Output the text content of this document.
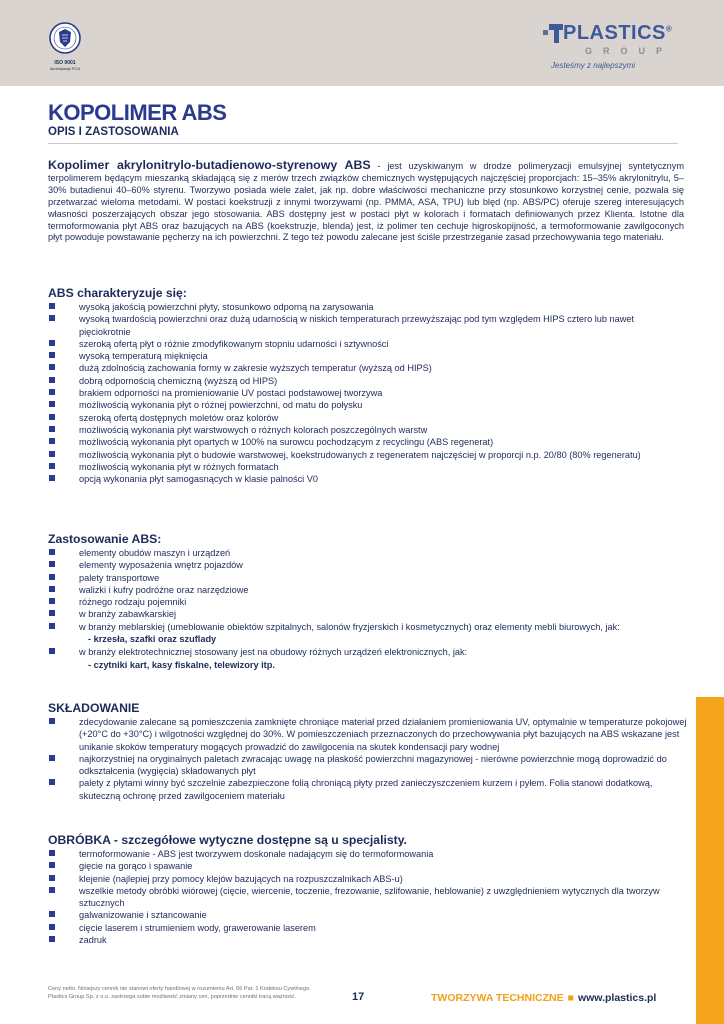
ISO 9001
Akredytacja PCA
PLASTICS®
GROUP
Jesteśmy z najlepszymi
KOPOLIMER ABS
OPIS I ZASTOSOWANIA

Kopolimer akrylonitrylo-butadienowo-styrenowy ABS - jest uzyskiwanym w drodze polimeryzacji emulsyjnej syntetycznym terpolimerem będącym mieszanką składającą się z merów trzech związków chemicznych występujących najczęściej proporcjach: 15–35% akrylonitrylu, 5–30% butadienui 40–60% styrenu. Tworzywo posiada wiele zalet, jak np. dobre właściwości mechaniczne przy stosunkowo korzystnej cenie, pozwala się przetwarzać wieloma metodami. W postaci koekstruzji z innymi tworzywami (np. PMMA, ASA, TPU) lub blęd (np. ABS/PC) oferuje szereg interesujących własności poszerzających obszar jego stosowania. ABS dostępny jest w postaci płyt w kolorach i formatach definiowanych przez Klienta. Istotne dla termoformowania płyt ABS oraz bazujących na ABS (koekstruzje, blenda) jest, iż polimer ten cechuje higroskopijność, a termoformowanie zawilgoconych płyt powoduje powstawanie pęcherzy na ich powierzchni. Z tego też powodu zalecane jest ściśle przestrzeganie zasad przechowywania tego materiału.

ABS charakteryzuje się:
wysoką jakością powierzchni płyty, stosunkowo odporną na zarysowania
wysoką twardością powierzchni oraz dużą udarnością w niskich temperaturach przewyższając pod tym względem HIPS cztero lub nawet pięciokrotnie
szeroką ofertą płyt o różnie zmodyfikowanym stopniu udarności i sztywności
wysoką temperaturą mięknięcia
dużą zdolnością zachowania formy w zakresie wyższych temperatur (wyższą od HIPS)
dobrą odpornością chemiczną (wyższą od HIPS)
brakiem odporności na promieniowanie UV postaci podstawowej tworzywa
możliwością wykonania płyt o różnej powierzchni, od matu do połysku
szeroką ofertą dostępnych moletów oraz kolorów
możliwością wykonania płyt warstwowych o różnych kolorach poszczególnych warstw
możliwością wykonania płyt opartych w 100% na surowcu pochodzącym z recyclingu (ABS regenerat)
możliwością wykonania płyt o budowie warstwowej, koekstrudowanych z regeneratem najczęściej w proporcji n.p. 20/80 (80% regeneratu)
możliwością wykonania płyt w różnych formatach
opcją wykonania płyt samogasnących w klasie palności V0
Zastosowanie ABS:
elementy obudów maszyn i urządzeń
elementy wyposażenia wnętrz pojazdów
palety transportowe
walizki i kufry podróżne oraz narzędziowe
różnego rodzaju pojemniki
w branży zabawkarskiej
w branży meblarskiej (umeblowanie obiektów szpitalnych, salonów fryzjerskich i kosmetycznych) oraz elementy mebli biurowych, jak:
- krzesła, szafki oraz szuflady
w branży elektrotechnicznej stosowany jest na obudowy różnych urządzeń elektronicznych, jak:
- czytniki kart, kasy fiskalne, telewizory itp.
SKŁADOWANIE
zdecydowanie zalecane są pomieszczenia zamknięte chroniące materiał przed działaniem promieniowania UV, optymalnie w temperaturze pokojowej (+20°C do +30°C) i wilgotności względnej do 30%. W pomieszczeniach przeznaczonych do przechowywania płyt bazujących na ABS wskazane jest unikanie skoków temperatury mogących prowadzić do zawilgocenia na skutek kondensacji pary wodnej
najkorzystniej na oryginalnych paletach zwracając uwagę na płaskość powierzchni magazynowej - nierówne powierzchnie mogą doprowadzić do odkształcenia (wygięcia) składowanych płyt
palety z płytami winny być szczelnie zabezpieczone folią chroniącą płyty przed zanieczyszczeniem kurzem i pyłem. Folia stanowi dodatkową, skuteczną ochronę przed zawilgoceniem materiału
OBRÓBKA - szczegółowe wytyczne dostępne są u specjalisty.
termoformowanie - ABS jest tworzywem doskonale nadającym się do termoformowania
gięcie na gorąco i spawanie
klejenie (najlepiej przy pomocy klejów bazujących na rozpuszczalnikach ABS-u)
wszelkie metody obróbki wiórowej (cięcie, wiercenie, toczenie, frezowanie, szlifowanie, heblowanie) z uwzględnieniem wytycznych dla tworzyw sztucznych
galwanizowanie i sztancowanie
cięcie laserem i strumieniem wody, grawerowanie laserem
zadruk
Ceny netto. Niniejszy cennik nie stanowi oferty handlowej w rozumieniu Art. 66 Par. 1 Kodeksu Cywilnego.
Plastics Group Sp. z o.o. zastrzega sobie możliwość zmiany cen, poprzednie cenniki tracą ważność.	17	TWORZYWA TECHNICZNE ■ www.plastics.pl
